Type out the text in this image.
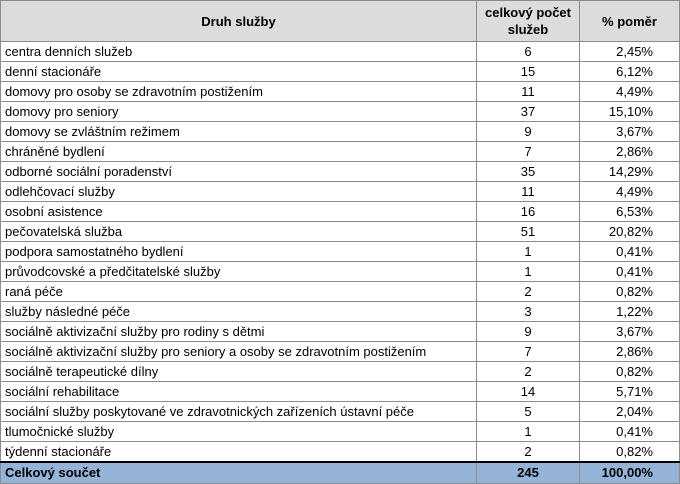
Druh služby	celkový počet služeb	% poměr
centra denních služeb	6	2,45%
denní stacionáře	15	6,12%
domovy pro osoby se zdravotním postižením	11	4,49%
domovy pro seniory	37	15,10%
domovy se zvláštním režimem	9	3,67%
chráněné bydlení	7	2,86%
odborné sociální poradenství	35	14,29%
odlehčovací služby	11	4,49%
osobní asistence	16	6,53%
pečovatelská služba	51	20,82%
podpora samostatného bydlení	1	0,41%
průvodcovské a předčitatelské služby	1	0,41%
raná péče	2	0,82%
služby následné péče	3	1,22%
sociálně aktivizační služby pro rodiny s dětmi	9	3,67%
sociálně aktivizační služby pro seniory a osoby se zdravotním postižením	7	2,86%
sociálně terapeutické dílny	2	0,82%
sociální rehabilitace	14	5,71%
sociální služby poskytované ve zdravotnických zařízeních ústavní péče	5	2,04%
tlumočnické služby	1	0,41%
týdenní stacionáře	2	0,82%
Celkový součet	245	100,00%
